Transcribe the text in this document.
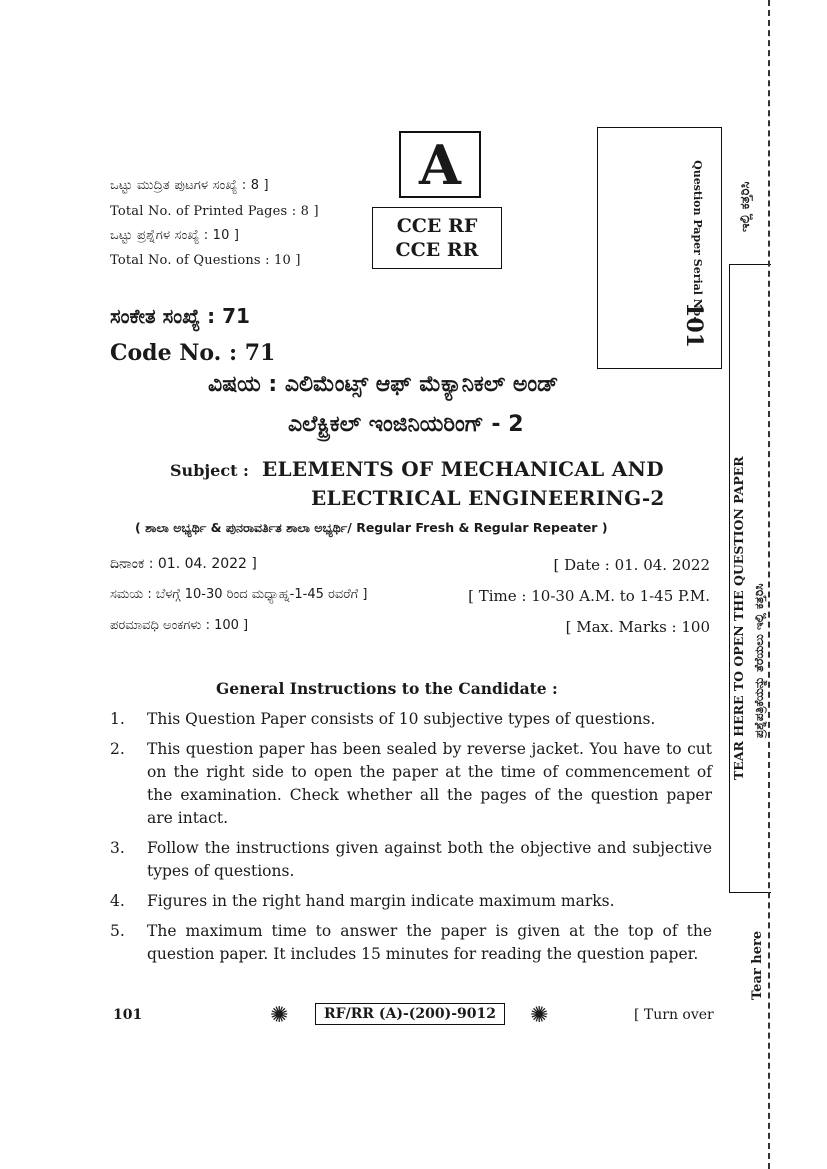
ಒಟ್ಟು ಮುದ್ರಿತ ಪುಟಗಳ ಸಂಖ್ಯೆ : 8 ]
Total No. of Printed Pages : 8 ]
ಒಟ್ಟು ಪ್ರಶ್ನೆಗಳ ಸಂಖ್ಯೆ : 10 ]
Total No. of Questions : 10 ]
A
CCE RF
CCE RR	Question Paper Serial No.
101
ಸಂಕೇತ ಸಂಖ್ಯೆ : 71
Code No. : 71
ವಿಷಯ : ಎಲಿಮೆಂಟ್ಸ್ ಆಫ್ ಮೆಕ್ಯಾನಿಕಲ್ ಅಂಡ್
ಎಲೆಕ್ಟ್ರಿಕಲ್ ಇಂಜಿನಿಯರಿಂಗ್ - 2
Subject : ELEMENTS OF MECHANICAL AND
ELECTRICAL ENGINEERING-2
( ಶಾಲಾ ಅಭ್ಯರ್ಥಿ & ಪುನರಾವರ್ತಿತ ಶಾಲಾ ಅಭ್ಯರ್ಥಿ/ Regular Fresh & Regular Repeater )
ದಿನಾಂಕ : 01. 04. 2022 ]	[ Date : 01. 04. 2022
ಸಮಯ : ಬೆಳಗ್ಗೆ 10-30 ರಿಂದ ಮಧ್ಯಾಹ್ನ-1-45 ರವರೆಗೆ ]	[ Time : 10-30 A.M. to 1-45 P.M.
ಪರಮಾವಧಿ ಅಂಕಗಳು : 100 ]	[ Max. Marks : 100
General Instructions to the Candidate :
1.	This Question Paper consists of 10 subjective types of questions.
2.	This question paper has been sealed by reverse jacket. You have to cut on the right side to open the paper at the time of commencement of the examination. Check whether all the pages of the question paper are intact.
3.	Follow the instructions given against both the objective and subjective types of questions.
4.	Figures in the right hand margin indicate maximum marks.
5.	The maximum time to answer the paper is given at the top of the question paper. It includes 15 minutes for reading the question paper.
101	✺	RF/RR (A)-(200)-9012	✺	[ Turn over
ಇಲ್ಲಿ ಕತ್ತರಿಸಿ
TEAR HERE TO OPEN THE QUESTION PAPER ಪ್ರಶ್ನೆಪತ್ರಿಕೆಯನ್ನು ತೆರೆಯಲು ಇಲ್ಲಿ ಕತ್ತರಿಸಿ
Tear here
